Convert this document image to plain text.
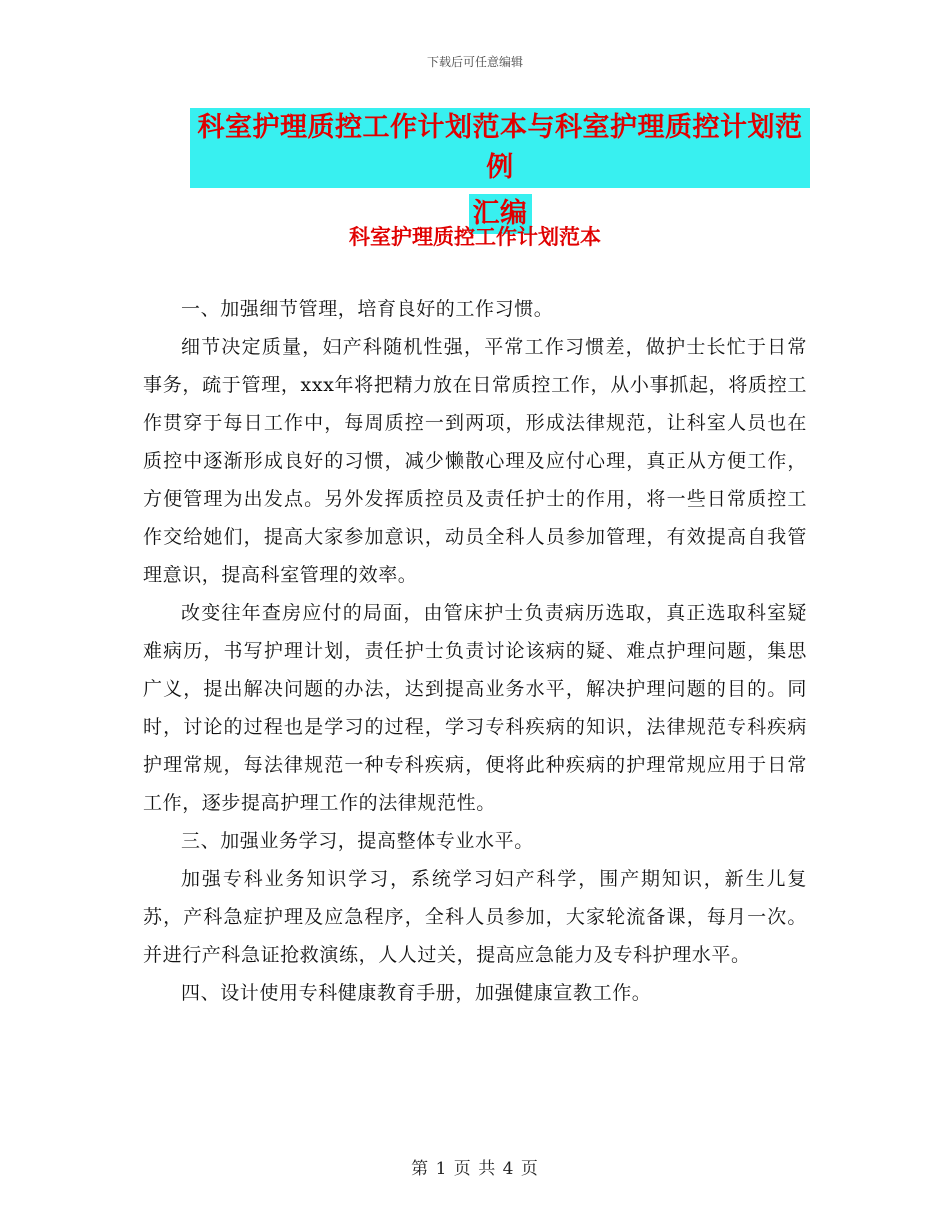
下载后可任意编辑
科室护理质控工作计划范本与科室护理质控计划范例
汇编
科室护理质控工作计划范本

一、加强细节管理，培育良好的工作习惯。

细节决定质量，妇产科随机性强，平常工作习惯差，做护士长忙于日常事务，疏于管理，xxx年将把精力放在日常质控工作，从小事抓起，将质控工作贯穿于每日工作中，每周质控一到两项，形成法律规范，让科室人员也在质控中逐渐形成良好的习惯，减少懒散心理及应付心理，真正从方便工作，方便管理为出发点。另外发挥质控员及责任护士的作用，将一些日常质控工作交给她们，提高大家参加意识，动员全科人员参加管理，有效提高自我管理意识，提高科室管理的效率。

改变往年查房应付的局面，由管床护士负责病历选取，真正选取科室疑难病历，书写护理计划，责任护士负责讨论该病的疑、难点护理问题，集思广义，提出解决问题的办法，达到提高业务水平，解决护理问题的目的。同时，讨论的过程也是学习的过程，学习专科疾病的知识，法律规范专科疾病护理常规，每法律规范一种专科疾病，便将此种疾病的护理常规应用于日常工作，逐步提高护理工作的法律规范性。

三、加强业务学习，提高整体专业水平。

加强专科业务知识学习，系统学习妇产科学，围产期知识，新生儿复苏，产科急症护理及应急程序，全科人员参加，大家轮流备课，每月一次。并进行产科急证抢救演练，人人过关，提高应急能力及专科护理水平。

四、设计使用专科健康教育手册，加强健康宣教工作。

第 1 页 共 4 页
